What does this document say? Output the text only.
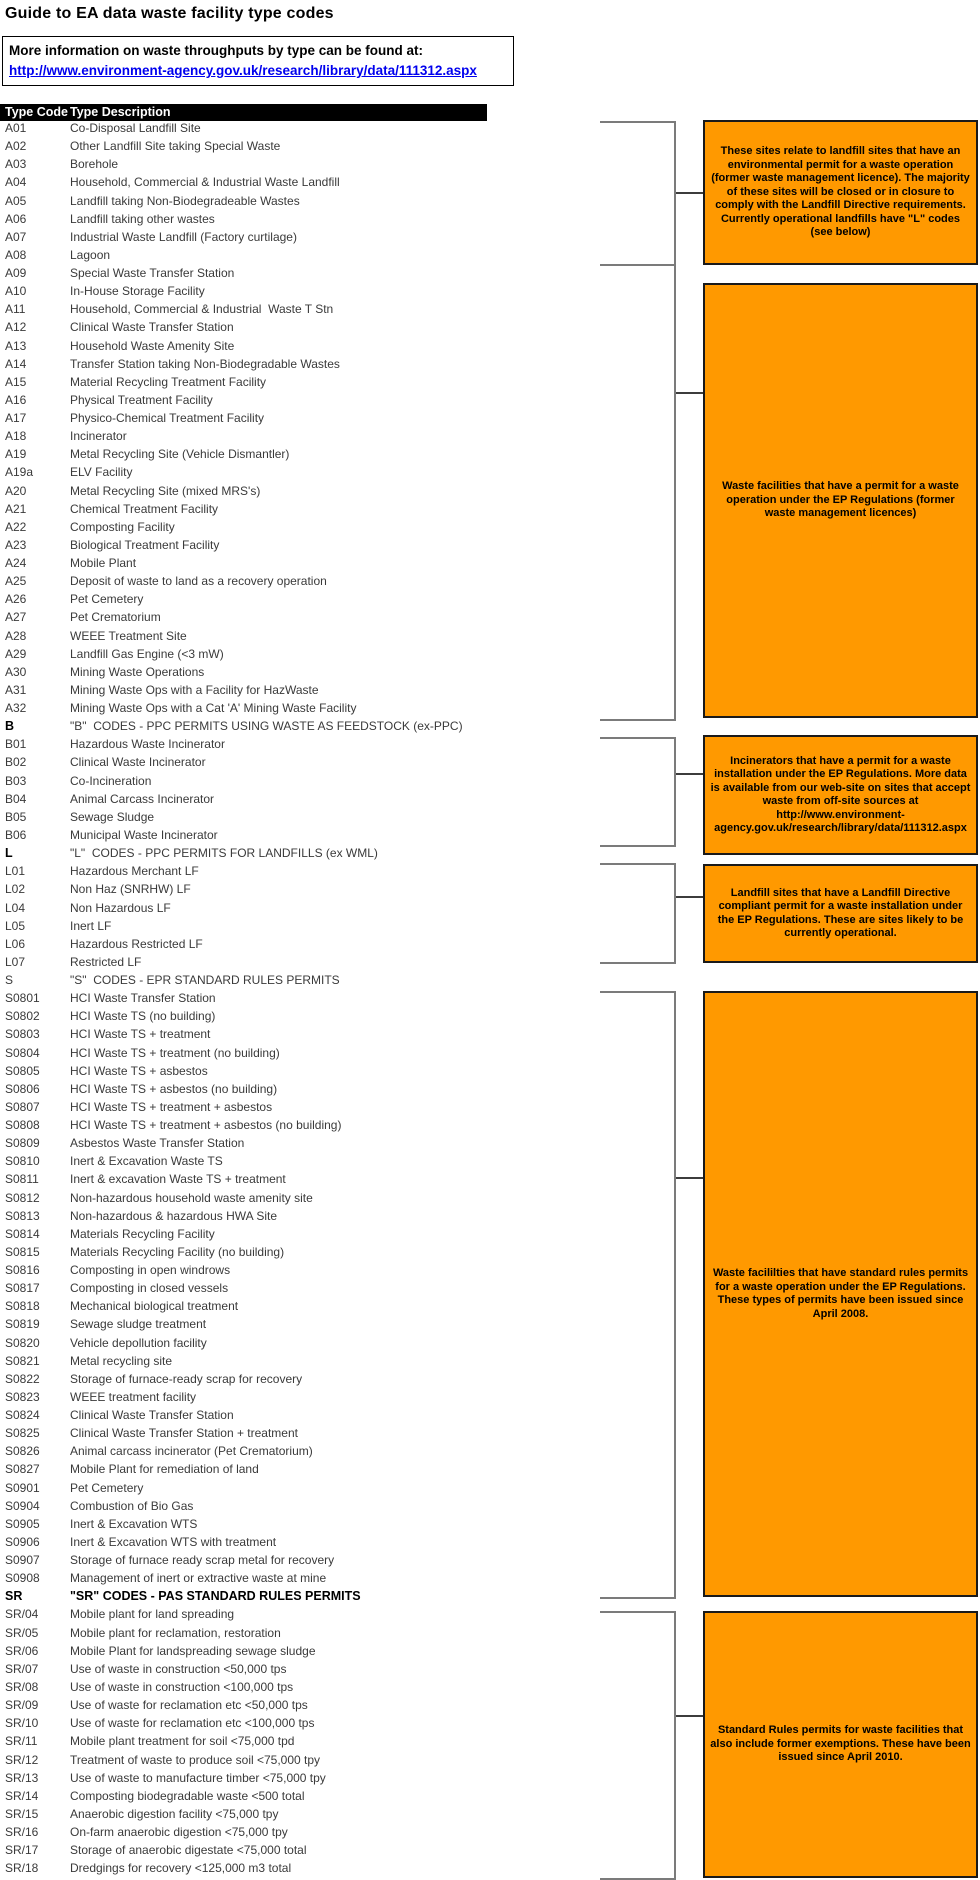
Guide to EA data waste facility type codes
More information on waste throughputs by type can be found at:
http://www.environment-agency.gov.uk/research/library/data/111312.aspx
Type Code Type Description
A01	Co-Disposal Landfill Site
A02	Other Landfill Site taking Special Waste
A03	Borehole
A04	Household, Commercial & Industrial Waste Landfill
A05	Landfill taking Non-Biodegradeable Wastes
A06	Landfill taking other wastes
A07	Industrial Waste Landfill (Factory curtilage)
A08	Lagoon
A09	Special Waste Transfer Station
A10	In-House Storage Facility
A11	Household, Commercial & Industrial  Waste T Stn
A12	Clinical Waste Transfer Station
A13	Household Waste Amenity Site
A14	Transfer Station taking Non-Biodegradable Wastes
A15	Material Recycling Treatment Facility
A16	Physical Treatment Facility
A17	Physico-Chemical Treatment Facility
A18	Incinerator
A19	Metal Recycling Site (Vehicle Dismantler)
A19a	ELV Facility
A20	Metal Recycling Site (mixed MRS's)
A21	Chemical Treatment Facility
A22	Composting Facility
A23	Biological Treatment Facility
A24	Mobile Plant
A25	Deposit of waste to land as a recovery operation
A26	Pet Cemetery
A27	Pet Crematorium
A28	WEEE Treatment Site
A29	Landfill Gas Engine (<3 mW)
A30	Mining Waste Operations
A31	Mining Waste Ops with a Facility for HazWaste
A32	Mining Waste Ops with a Cat 'A' Mining Waste Facility
B	"B"  CODES - PPC PERMITS USING WASTE AS FEEDSTOCK (ex-PPC)
B01	Hazardous Waste Incinerator
B02	Clinical Waste Incinerator
B03	Co-Incineration
B04	Animal Carcass Incinerator
B05	Sewage Sludge
B06	Municipal Waste Incinerator
L	"L"  CODES - PPC PERMITS FOR LANDFILLS (ex WML)
L01	Hazardous Merchant LF
L02	Non Haz (SNRHW) LF
L04	Non Hazardous LF
L05	Inert LF
L06	Hazardous Restricted LF
L07	Restricted LF
S	"S"  CODES - EPR STANDARD RULES PERMITS
S0801	HCI Waste Transfer Station
S0802	HCI Waste TS (no building)
S0803	HCI Waste TS + treatment
S0804	HCI Waste TS + treatment (no building)
S0805	HCI Waste TS + asbestos
S0806	HCI Waste TS + asbestos (no building)
S0807	HCI Waste TS + treatment + asbestos
S0808	HCI Waste TS + treatment + asbestos (no building)
S0809	Asbestos Waste Transfer Station
S0810	Inert & Excavation Waste TS
S0811	Inert & excavation Waste TS + treatment
S0812	Non-hazardous household waste amenity site
S0813	Non-hazardous & hazardous HWA Site
S0814	Materials Recycling Facility
S0815	Materials Recycling Facility (no building)
S0816	Composting in open windrows
S0817	Composting in closed vessels
S0818	Mechanical biological treatment
S0819	Sewage sludge treatment
S0820	Vehicle depollution facility
S0821	Metal recycling site
S0822	Storage of furnace-ready scrap for recovery
S0823	WEEE treatment facility
S0824	Clinical Waste Transfer Station
S0825	Clinical Waste Transfer Station + treatment
S0826	Animal carcass incinerator (Pet Crematorium)
S0827	Mobile Plant for remediation of land
S0901	Pet Cemetery
S0904	Combustion of Bio Gas
S0905	Inert & Excavation WTS
S0906	Inert & Excavation WTS with treatment
S0907	Storage of furnace ready scrap metal for recovery
S0908	Management of inert or extractive waste at mine
SR	"SR" CODES - PAS STANDARD RULES PERMITS
SR/04	Mobile plant for land spreading
SR/05	Mobile plant for reclamation, restoration
SR/06	Mobile Plant for landspreading sewage sludge
SR/07	Use of waste in construction <50,000 tps
SR/08	Use of waste in construction <100,000 tps
SR/09	Use of waste for reclamation etc <50,000 tps
SR/10	Use of waste for reclamation etc <100,000 tps
SR/11	Mobile plant treatment for soil <75,000 tpd
SR/12	Treatment of waste to produce soil <75,000 tpy
SR/13	Use of waste to manufacture timber <75,000 tpy
SR/14	Composting biodegradable waste <500 total
SR/15	Anaerobic digestion facility <75,000 tpy
SR/16	On-farm anaerobic digestion <75,000 tpy
SR/17	Storage of anaerobic digestate <75,000 total
SR/18	Dredgings for recovery <125,000 m3 total
These sites relate to landfill sites that have an environmental permit for a waste operation (former waste management licence). The majority of these sites will be closed or in closure to comply with the Landfill Directive requirements. Currently operational landfills have "L" codes (see below)
Waste facilities that have a permit for a waste operation under the EP Regulations (former waste management licences)
Incinerators that have a permit for a waste installation under the EP Regulations. More data is available from our web-site on sites that accept waste from off-site sources at http://www.environment-agency.gov.uk/research/library/data/111312.aspx
Landfill sites that have a Landfill Directive compliant permit for a waste installation under the EP Regulations. These are sites likely to be currently operational.
Waste facililties that have standard rules permits for a waste operation under the EP Regulations. These types of permits have been issued since April 2008.
Standard Rules permits for waste facilities that also include former exemptions. These have been issued since April 2010.
